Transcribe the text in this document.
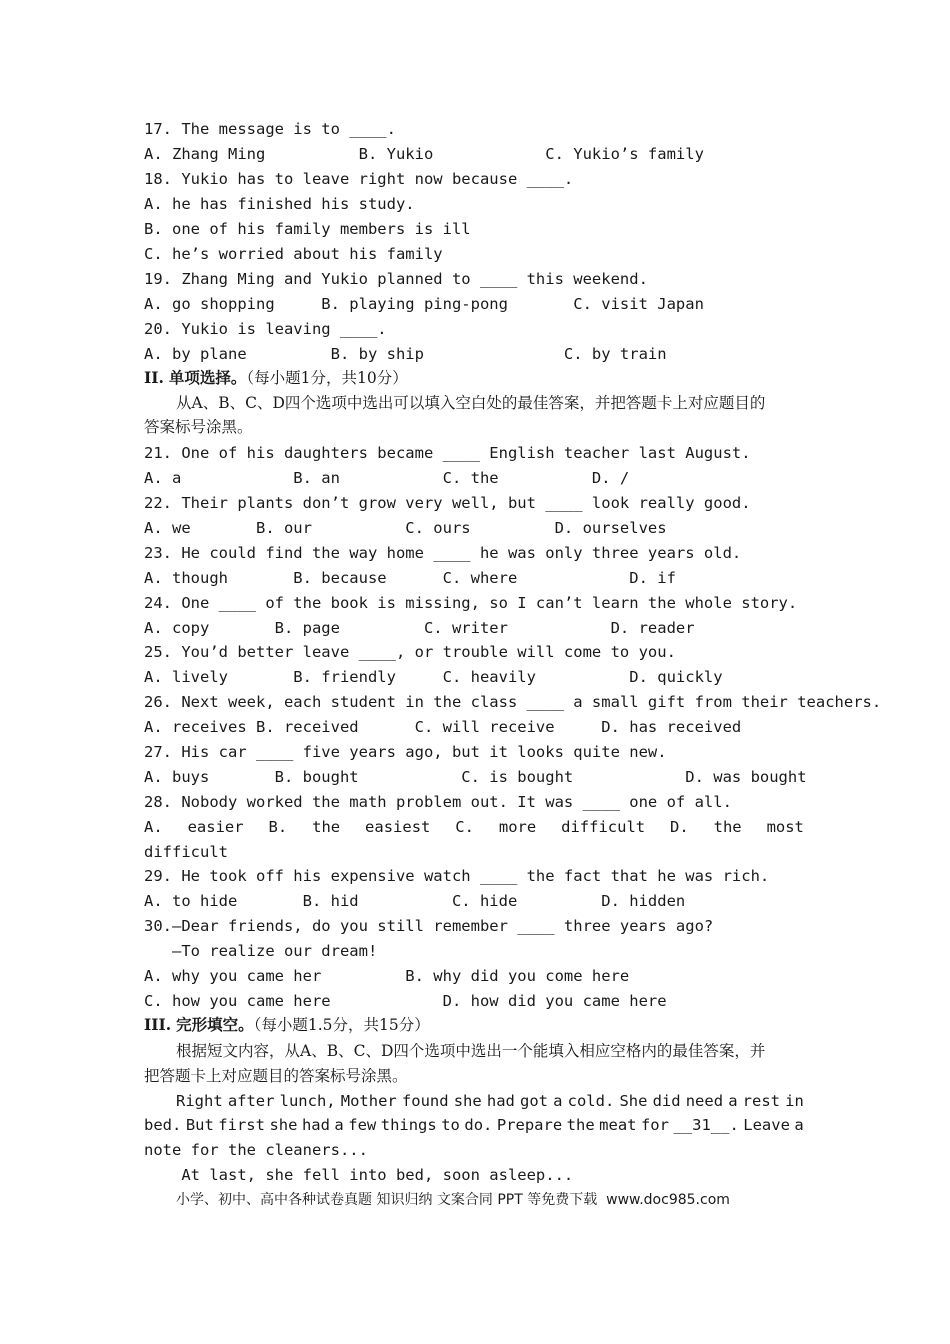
17. The message is to ____.
A. Zhang Ming          B. Yukio            C. Yukio’s family
18. Yukio has to leave right now because ____.
A. he has finished his study.
B. one of his family members is ill
C. he’s worried about his family
19. Zhang Ming and Yukio planned to ____ this weekend.
A. go shopping     B. playing ping-pong       C. visit Japan
20. Yukio is leaving ____.
A. by plane         B. by ship               C. by train
II. 单项选择。（每小题1分，共10分）
从A、B、C、D四个选项中选出可以填入空白处的最佳答案，并把答题卡上对应题目的
答案标号涂黑。
21. One of his daughters became ____ English teacher last August.
A. a            B. an           C. the          D. /
22. Their plants don’t grow very well, but ____ look really good.
A. we       B. our          C. ours         D. ourselves
23. He could find the way home ____ he was only three years old.
A. though       B. because      C. where            D. if
24. One ____ of the book is missing, so I can’t learn the whole story.
A. copy       B. page         C. writer           D. reader
25. You’d better leave ____, or trouble will come to you.
A. lively       B. friendly     C. heavily          D. quickly
26. Next week, each student in the class ____ a small gift from their teachers.
A. receives B. received      C. will receive     D. has received
27. His car ____ five years ago, but it looks quite new.
A. buys       B. bought           C. is bought            D. was bought
28. Nobody worked the math problem out. It was ____ one of all.
A. easier B. the easiest C. more difficult D. the most
difficult
29. He took off his expensive watch ____ the fact that he was rich.
A. to hide       B. hid          C. hide         D. hidden
30.—Dear friends, do you still remember ____ three years ago?
—To realize our dream!
A. why you came her         B. why did you come here
C. how you came here            D. how did you came here
III. 完形填空。（每小题1.5分，共15分）
根据短文内容，从A、B、C、D四个选项中选出一个能填入相应空格内的最佳答案，并
把答题卡上对应题目的答案标号涂黑。
Right after lunch, Mother found she had got a cold. She did need a rest in
bed. But first she had a few things to do. Prepare the meat for __31__. Leave a
note for the cleaners...
At last, she fell into bed, soon asleep...
小学、初中、高中各种试卷真题 知识归纳 文案合同 PPT 等免费下载 www.doc985.com
